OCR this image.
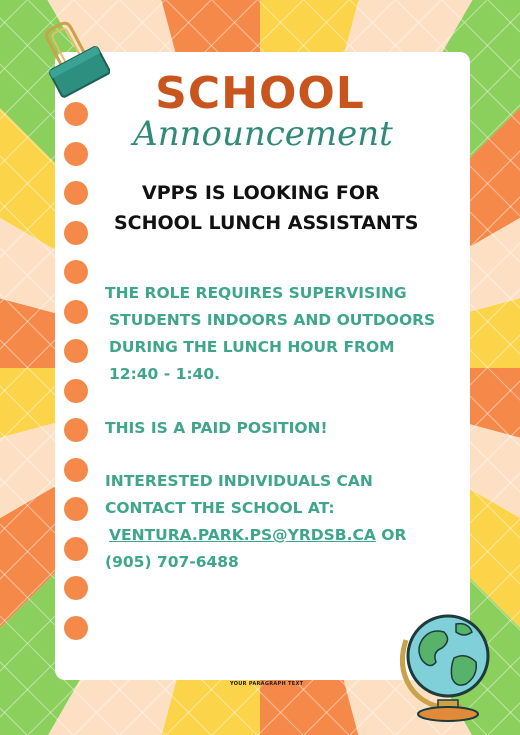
SCHOOL
Announcement
VPPS IS LOOKING FOR
SCHOOL LUNCH ASSISTANTS
THE ROLE REQUIRES SUPERVISING
STUDENTS INDOORS AND OUTDOORS
DURING THE LUNCH HOUR FROM
12:40 - 1:40.
THIS IS A PAID POSITION!
INTERESTED INDIVIDUALS CAN
CONTACT THE SCHOOL AT:
VENTURA.PARK.PS@YRDSB.CA OR
(905) 707-6488
YOUR PARAGRAPH TEXT
